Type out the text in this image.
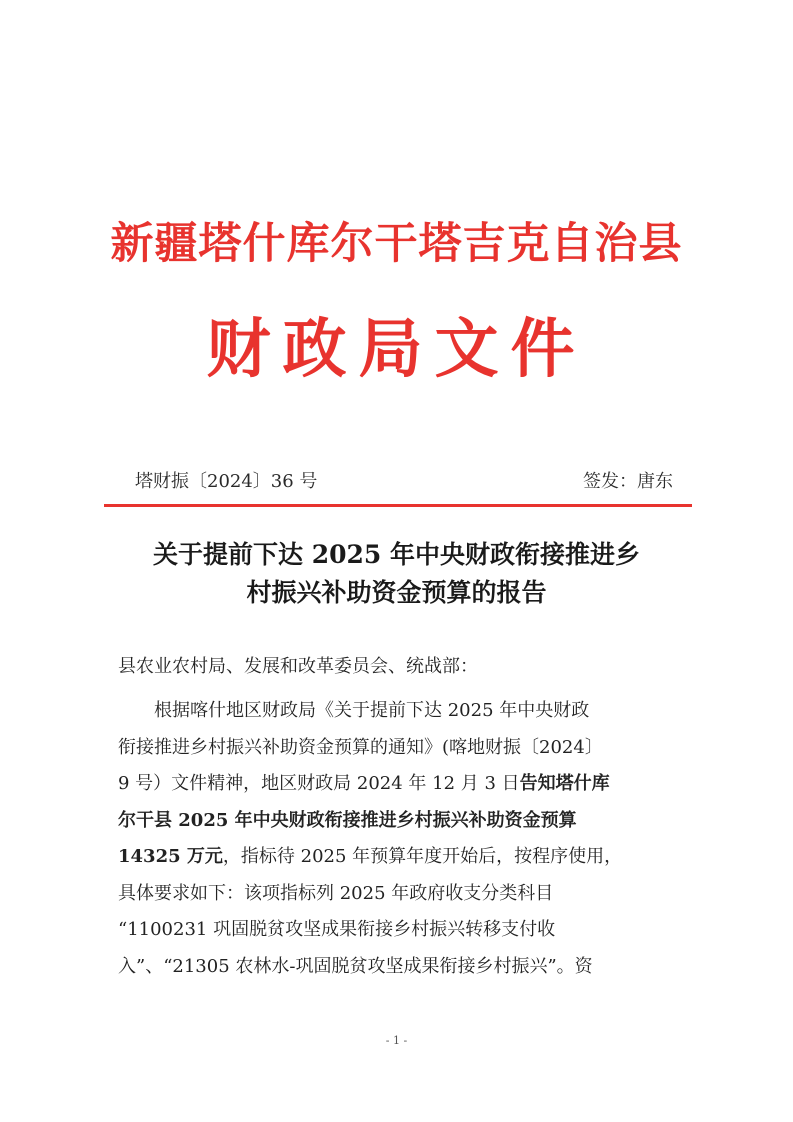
新疆塔什库尔干塔吉克自治县
财政局文件
塔财振〔2024〕36 号	签发：唐东
关于提前下达 2025 年中央财政衔接推进乡
村振兴补助资金预算的报告
县农业农村局、发展和改革委员会、统战部：
根据喀什地区财政局《关于提前下达 2025 年中央财政
衔接推进乡村振兴补助资金预算的通知》(喀地财振〔2024〕
9 号）文件精神，地区财政局 2024 年 12 月 3 日告知塔什库
尔干县 2025 年中央财政衔接推进乡村振兴补助资金预算
14325 万元，指标待 2025 年预算年度开始后，按程序使用，
具体要求如下：该项指标列 2025 年政府收支分类科目
“1100231 巩固脱贫攻坚成果衔接乡村振兴转移支付收
入”、“21305 农林水-巩固脱贫攻坚成果衔接乡村振兴”。资
- 1 -
